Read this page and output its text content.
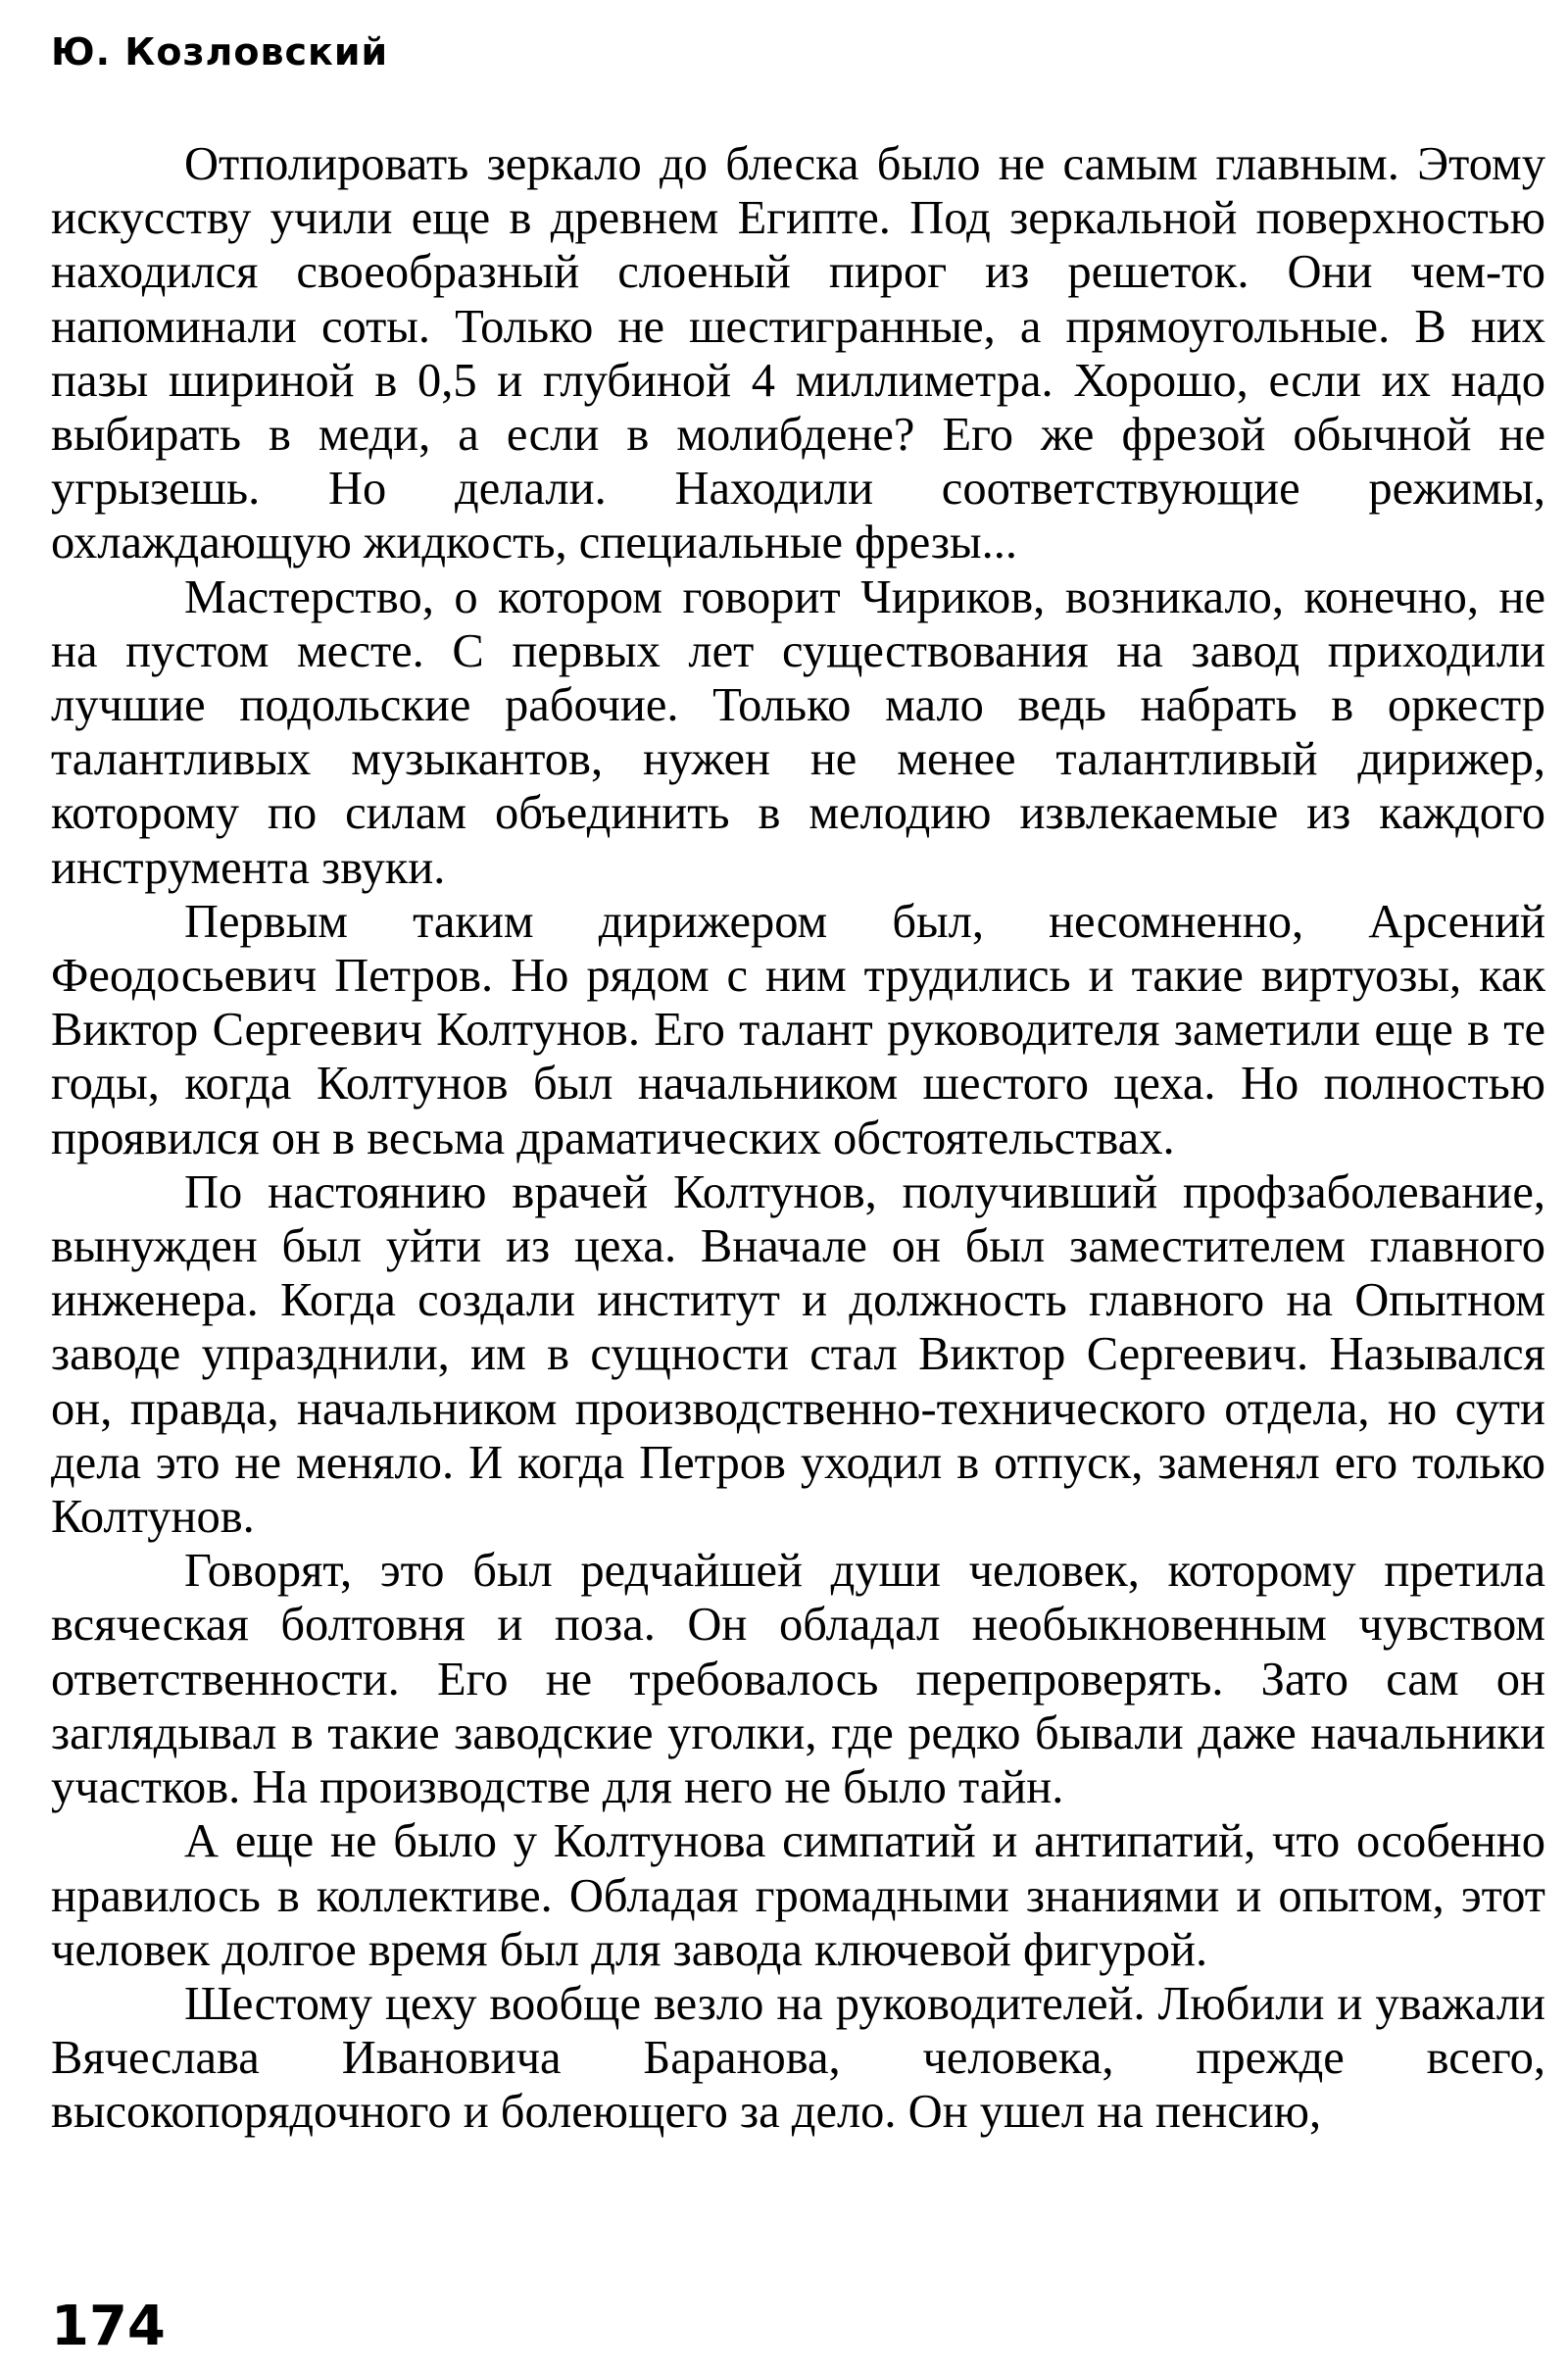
Ю. Козловский

Отполировать зеркало до блеска было не самым главным. Этому искусству учили еще в древнем Египте. Под зеркальной поверхностью находился своеобразный слоеный пирог из решеток. Они чем-то напоминали соты. Только не шестигранные, а прямоугольные. В них пазы шириной в 0,5 и глубиной 4 миллиметра. Хорошо, если их надо выбирать в меди, а если в молибдене? Его же фрезой обычной не угрызешь. Но делали. Находили соответствующие режимы, охлаждающую жидкость, специальные фрезы...

Мастерство, о котором говорит Чириков, возникало, конечно, не на пустом месте. С первых лет существования на завод приходили лучшие подольские рабочие. Только мало ведь набрать в оркестр талантливых музыкантов, нужен не менее талантливый дирижер, которому по силам объединить в мелодию извлекаемые из каждого инструмента звуки.

Первым таким дирижером был, несомненно, Арсений Феодосьевич Петров. Но рядом с ним трудились и такие виртуозы, как Виктор Сергеевич Колтунов. Его талант руководителя заметили еще в те годы, когда Колтунов был начальником шестого цеха. Но полностью проявился он в весьма драматических обстоятельствах.

По настоянию врачей Колтунов, получивший профзаболевание, вынужден был уйти из цеха. Вначале он был заместителем главного инженера. Когда создали институт и должность главного на Опытном заводе упразднили, им в сущности стал Виктор Сергеевич. Назывался он, правда, начальником производственно-технического отдела, но сути дела это не меняло. И когда Петров уходил в отпуск, заменял его только Колтунов.

Говорят, это был редчайшей души человек, которому претила всяческая болтовня и поза. Он обладал необыкновенным чувством ответственности. Его не требовалось перепроверять. Зато сам он заглядывал в такие заводские уголки, где редко бывали даже начальники участков. На производстве для него не было тайн.

А еще не было у Колтунова симпатий и антипатий, что особенно нравилось в коллективе. Обладая громадными знаниями и опытом, этот человек долгое время был для завода ключевой фигурой.

Шестому цеху вообще везло на руководителей. Любили и уважали Вячеслава Ивановича Баранова, человека, прежде всего, высокопорядочного и болеющего за дело. Он ушел на пенсию,

174
